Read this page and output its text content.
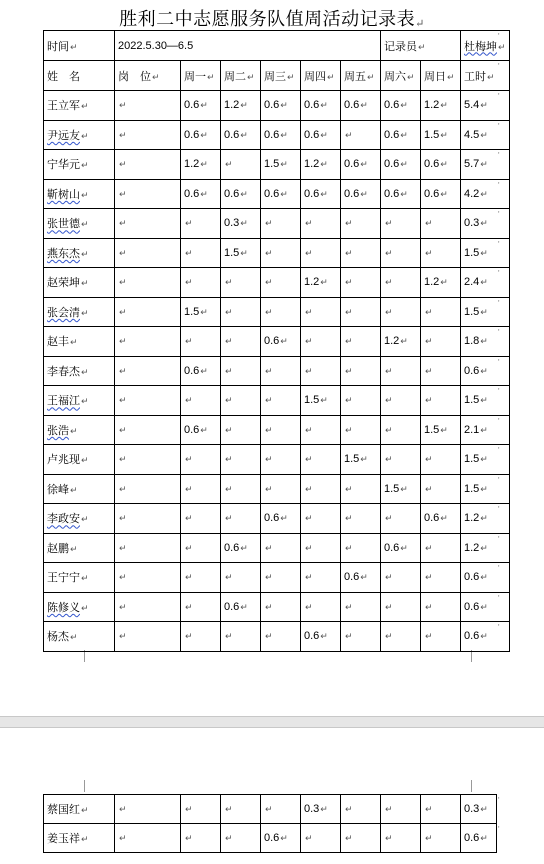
胜利二中志愿服务队值周活动记录表↵
时间↵	2022.5.30—6.5						记录员↵		杜梅坤↵
姓　名	岗　位↵	周一↵	周二↵	周三↵	周四↵	周五↵	周六↵	周日↵	工时↵
王立军↵	↵	0.6↵	1.2↵	0.6↵	0.6↵	0.6↵	0.6↵	1.2↵	5.4↵
尹远友↵	↵	0.6↵	0.6↵	0.6↵	0.6↵	↵	0.6↵	1.5↵	4.5↵
宁华元↵	↵	1.2↵	↵	1.5↵	1.2↵	0.6↵	0.6↵	0.6↵	5.7↵
靳树山↵	↵	0.6↵	0.6↵	0.6↵	0.6↵	0.6↵	0.6↵	0.6↵	4.2↵
张世德↵	↵	↵	0.3↵	↵	↵	↵	↵	↵	0.3↵
燕东杰↵	↵	↵	1.5↵	↵	↵	↵	↵	↵	1.5↵
赵荣坤↵	↵	↵	↵	↵	1.2↵	↵	↵	1.2↵	2.4↵
张会清↵	↵	1.5↵	↵	↵	↵	↵	↵	↵	1.5↵
赵丰↵	↵	↵	↵	0.6↵	↵	↵	1.2↵	↵	1.8↵
李春杰↵	↵	0.6↵	↵	↵	↵	↵	↵	↵	0.6↵
王福江↵	↵	↵	↵	↵	1.5↵	↵	↵	↵	1.5↵
张浩↵	↵	0.6↵	↵	↵	↵	↵	↵	1.5↵	2.1↵
卢兆现↵	↵	↵	↵	↵	↵	1.5↵	↵	↵	1.5↵
徐峰↵	↵	↵	↵	↵	↵	↵	1.5↵	↵	1.5↵
李政安↵	↵	↵	↵	0.6↵	↵	↵	↵	0.6↵	1.2↵
赵鹏↵	↵	↵	0.6↵	↵	↵	↵	0.6↵	↵	1.2↵
王宁宁↵	↵	↵	↵	↵	↵	0.6↵	↵	↵	0.6↵
陈修义↵	↵	↵	0.6↵	↵	↵	↵	↵	↵	0.6↵
杨杰↵	↵	↵	↵	↵	0.6↵	↵	↵	↵	0.6↵
'
'
'
'
'
'
'
'
'
'
'
'
'
'
'
'
'
'
'
'
'
蔡国红↵	↵	↵	↵	↵	0.3↵	↵	↵	↵	0.3↵
姜玉祥↵	↵	↵	↵	0.6↵	↵	↵	↵	↵	0.6↵
'
'
